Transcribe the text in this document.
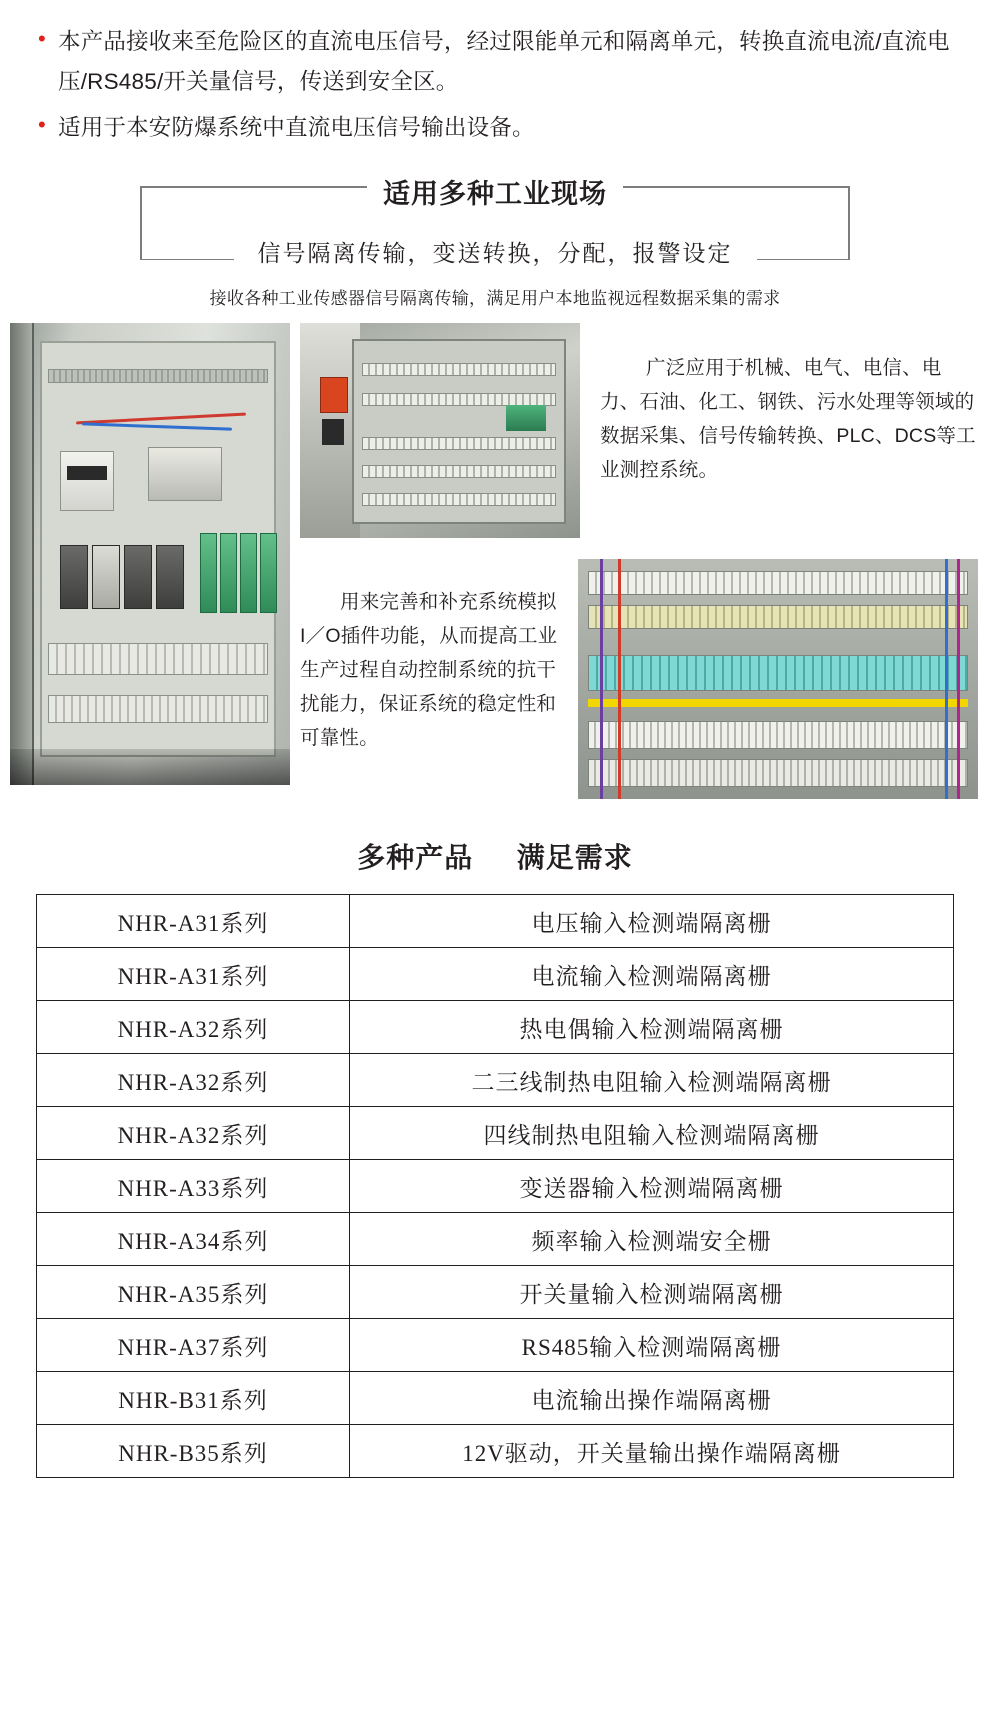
• 本产品接收来至危险区的直流电压信号，经过限能单元和隔离单元，转换直流电流/直流电压/RS485/开关量信号，传送到安全区。
• 适用于本安防爆系统中直流电压信号输出设备。
适用多种工业现场
信号隔离传输，变送转换，分配，报警设定
接收各种工业传感器信号隔离传输，满足用户本地监视远程数据采集的需求
广泛应用于机械、电气、电信、电力、石油、化工、钢铁、污水处理等领域的数据采集、信号传输转换、PLC、DCS等工业测控系统。
用来完善和补充系统模拟I／O插件功能，从而提高工业生产过程自动控制系统的抗干扰能力，保证系统的稳定性和可靠性。
多种产品 满足需求
NHR-A31系列	电压输入检测端隔离栅
NHR-A31系列	电流输入检测端隔离栅
NHR-A32系列	热电偶输入检测端隔离栅
NHR-A32系列	二三线制热电阻输入检测端隔离栅
NHR-A32系列	四线制热电阻输入检测端隔离栅
NHR-A33系列	变送器输入检测端隔离栅
NHR-A34系列	频率输入检测端安全栅
NHR-A35系列	开关量输入检测端隔离栅
NHR-A37系列	RS485输入检测端隔离栅
NHR-B31系列	电流输出操作端隔离栅
NHR-B35系列	12V驱动，开关量输出操作端隔离栅
